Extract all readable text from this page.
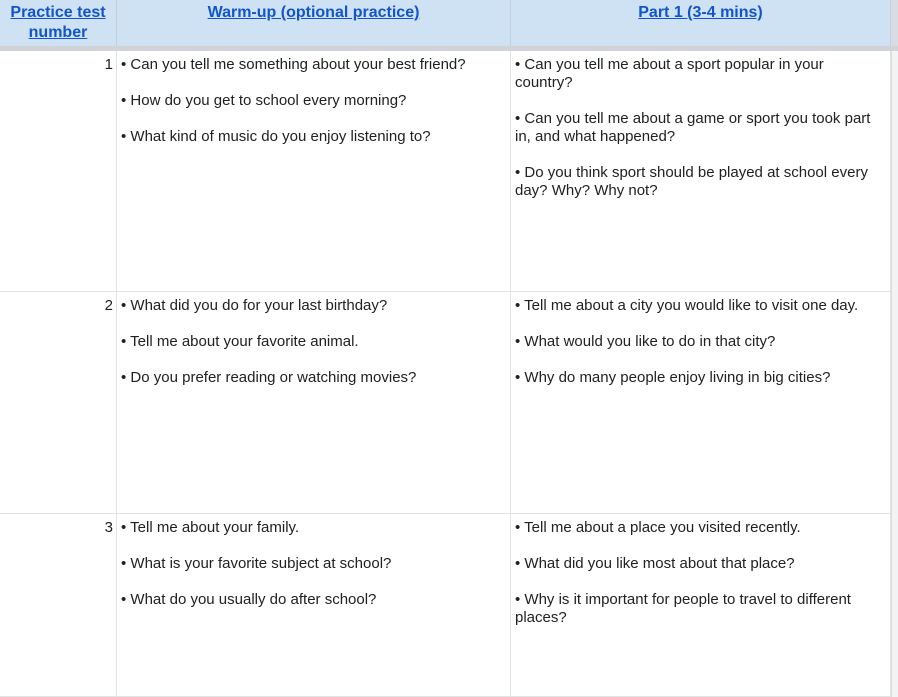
Practice test number
Warm-up (optional practice)	Part 1 (3-4 mins)
1 • Can you tell me something about your best friend?

• How do you get to school every morning?

• What kind of music do you enjoy listening to?

• Can you tell me about a sport popular in your country?

• Can you tell me about a game or sport you took part in, and what happened?

• Do you think sport should be played at school every day? Why? Why not?

2 • What did you do for your last birthday?

• Tell me about your favorite animal.

• Do you prefer reading or watching movies?

• Tell me about a city you would like to visit one day.

• What would you like to do in that city?

• Why do many people enjoy living in big cities?

3 • Tell me about your family.

• What is your favorite subject at school?

• What do you usually do after school?

• Tell me about a place you visited recently.

• What did you like most about that place?

• Why is it important for people to travel to different places?
